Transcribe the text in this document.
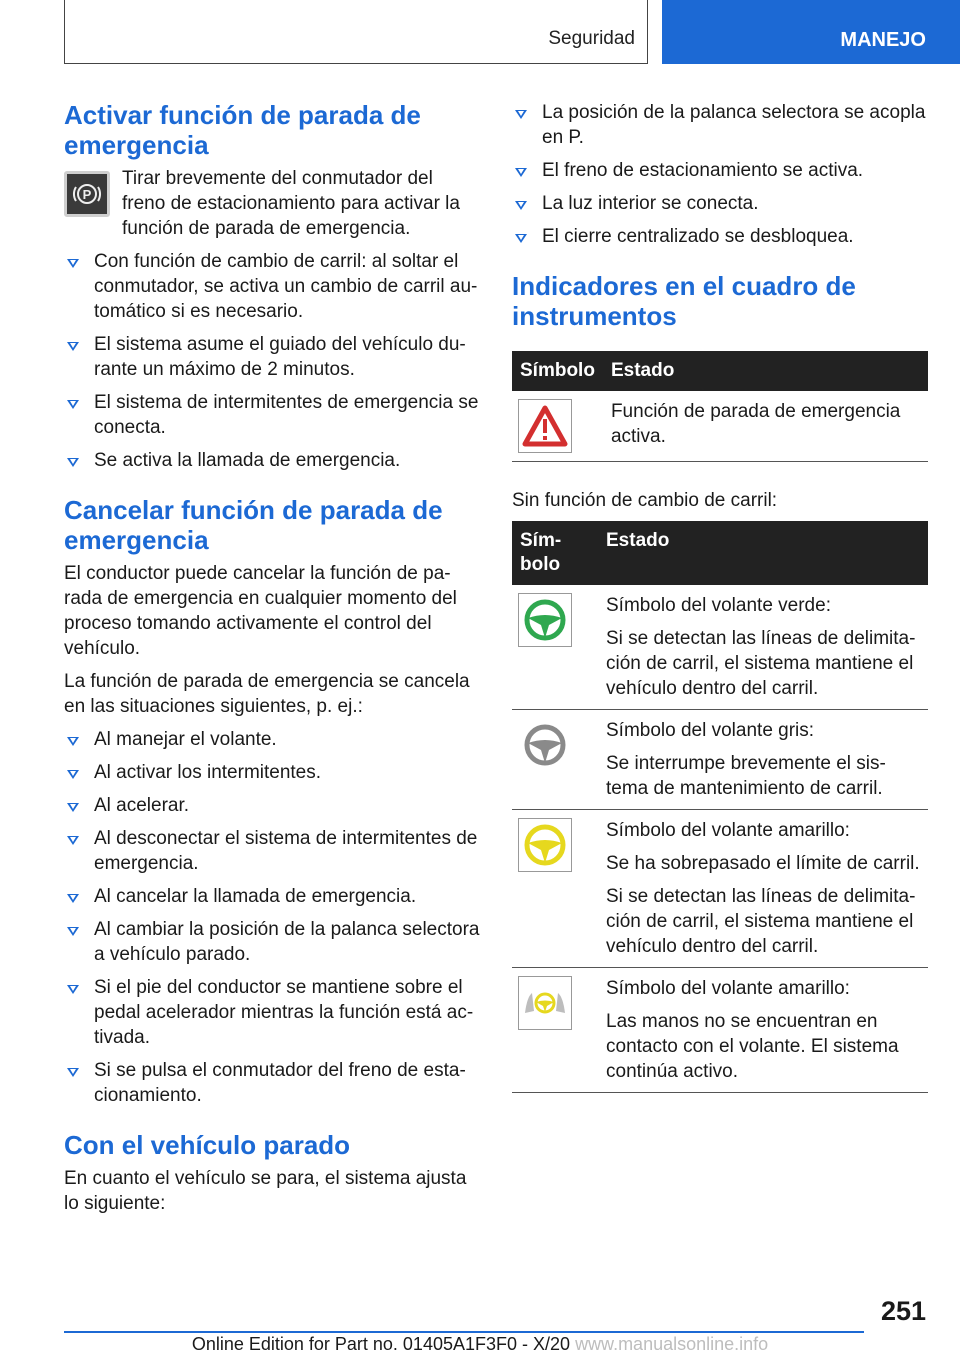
Seguridad	MANEJO
Activar función de parada de emergencia
P

Tirar brevemente del conmutador del freno de estacionamiento para activar la función de parada de emergencia.

Con función de cambio de carril: al soltar el conmutador, se activa un cambio de carril au-tomático si es necesario.
El sistema asume el guiado del vehículo du-rante un máximo de 2 minutos.
El sistema de intermitentes de emergencia se conecta.
Se activa la llamada de emergencia.
Cancelar función de parada de emergencia

El conductor puede cancelar la función de pa-rada de emergencia en cualquier momento del proceso tomando activamente el control del vehículo.

La función de parada de emergencia se cancela en las situaciones siguientes, p. ej.:

Al manejar el volante.
Al activar los intermitentes.
Al acelerar.
Al desconectar el sistema de intermitentes de emergencia.
Al cancelar la llamada de emergencia.
Al cambiar la posición de la palanca selectora a vehículo parado.
Si el pie del conductor se mantiene sobre el pedal acelerador mientras la función está ac-tivada.
Si se pulsa el conmutador del freno de esta-cionamiento.
Con el vehículo parado

En cuanto el vehículo se para, el sistema ajusta lo siguiente:

La posición de la palanca selectora se acopla en P.
El freno de estacionamiento se activa.
La luz interior se conecta.
El cierre centralizado se desbloquea.
Indicadores en el cuadro de instrumentos
Símbolo	Estado

Función de parada de emergencia activa.

Sin función de cambio de carril:

Sím-bolo	Estado

Símbolo del volante verde:

Si se detectan las líneas de delimita-ción de carril, el sistema mantiene el vehículo dentro del carril.

Símbolo del volante gris:

Se interrumpe brevemente el sis-tema de mantenimiento de carril.

Símbolo del volante amarillo:

Se ha sobrepasado el límite de carril.

Si se detectan las líneas de delimita-ción de carril, el sistema mantiene el vehículo dentro del carril.

Símbolo del volante amarillo:

Las manos no se encuentran en contacto con el volante. El sistema continúa activo.

251
Online Edition for Part no. 01405A1F3F0 - X/20 www.manualsonline.info
